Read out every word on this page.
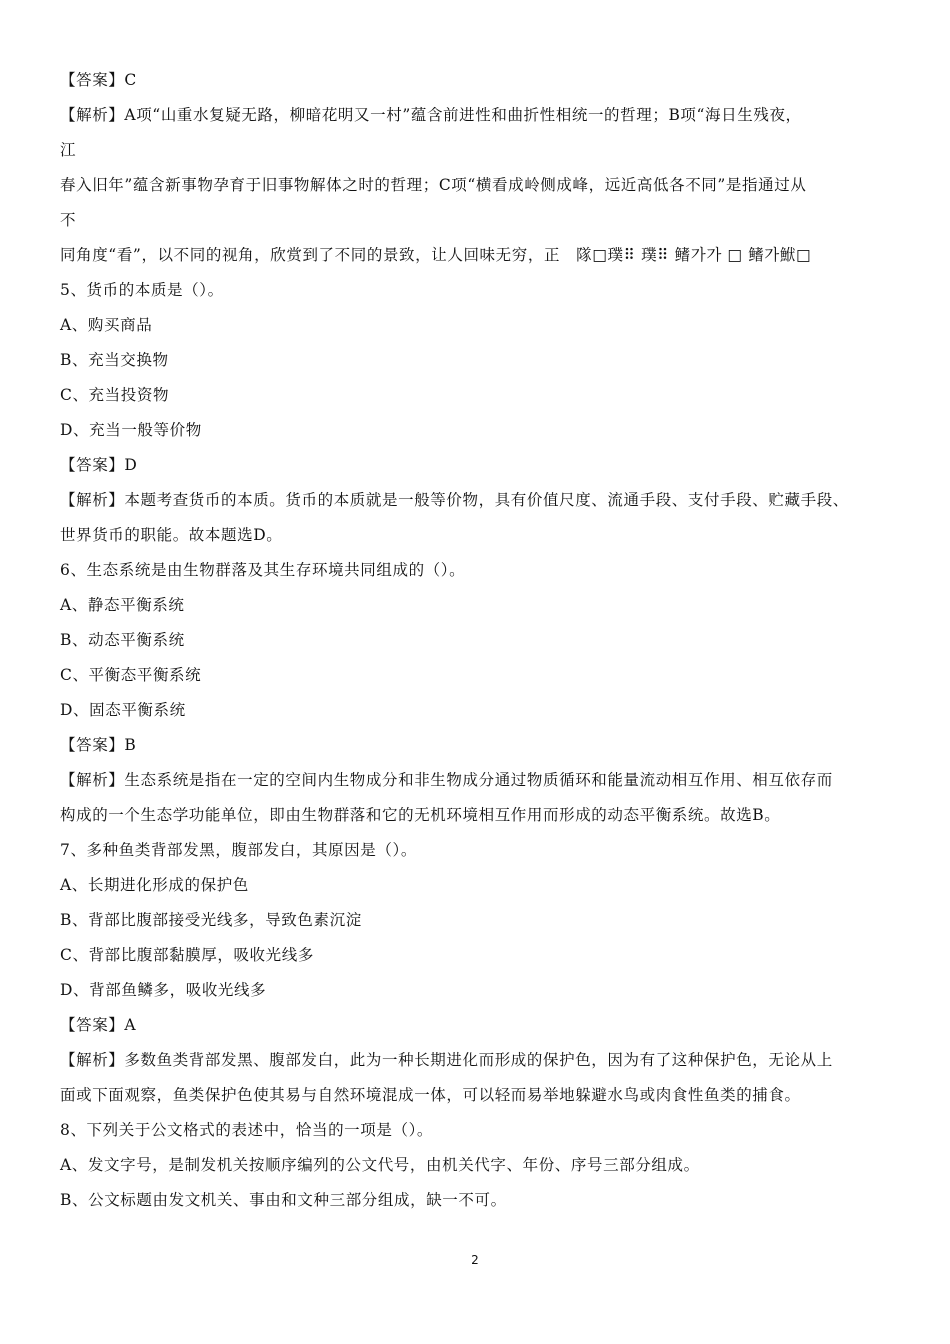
【答案】C
【解析】A项“山重水复疑无路，柳暗花明又一村”蕴含前进性和曲折性相统一的哲理；B项“海日生残夜，
江
春入旧年”蕴含新事物孕育于旧事物解体之时的哲理；C项“横看成岭侧成峰，远近高低各不同”是指通过从
不
同角度“看”，以不同的视角，欣赏到了不同的景致，让人回味无穷，正　隊□璞⠿ 璞⠿ 鳍가가 □ 鳍가鮲□
5、货币的本质是（）。
A、购买商品
B、充当交换物
C、充当投资物
D、充当一般等价物
【答案】D
【解析】本题考查货币的本质。货币的本质就是一般等价物，具有价值尺度、流通手段、支付手段、贮藏手段、
世界货币的职能。故本题选D。
6、生态系统是由生物群落及其生存环境共同组成的（）。
A、静态平衡系统
B、动态平衡系统
C、平衡态平衡系统
D、固态平衡系统
【答案】B
【解析】生态系统是指在一定的空间内生物成分和非生物成分通过物质循环和能量流动相互作用、相互依存而
构成的一个生态学功能单位，即由生物群落和它的无机环境相互作用而形成的动态平衡系统。故选B。
7、多种鱼类背部发黑，腹部发白，其原因是（）。
A、长期进化形成的保护色
B、背部比腹部接受光线多，导致色素沉淀
C、背部比腹部黏膜厚，吸收光线多
D、背部鱼鳞多，吸收光线多
【答案】A
【解析】多数鱼类背部发黑、腹部发白，此为一种长期进化而形成的保护色，因为有了这种保护色，无论从上
面或下面观察，鱼类保护色使其易与自然环境混成一体，可以轻而易举地躲避水鸟或肉食性鱼类的捕食。
8、下列关于公文格式的表述中，恰当的一项是（）。
A、发文字号，是制发机关按顺序编列的公文代号，由机关代字、年份、序号三部分组成。
B、公文标题由发文机关、事由和文种三部分组成，缺一不可。
2
